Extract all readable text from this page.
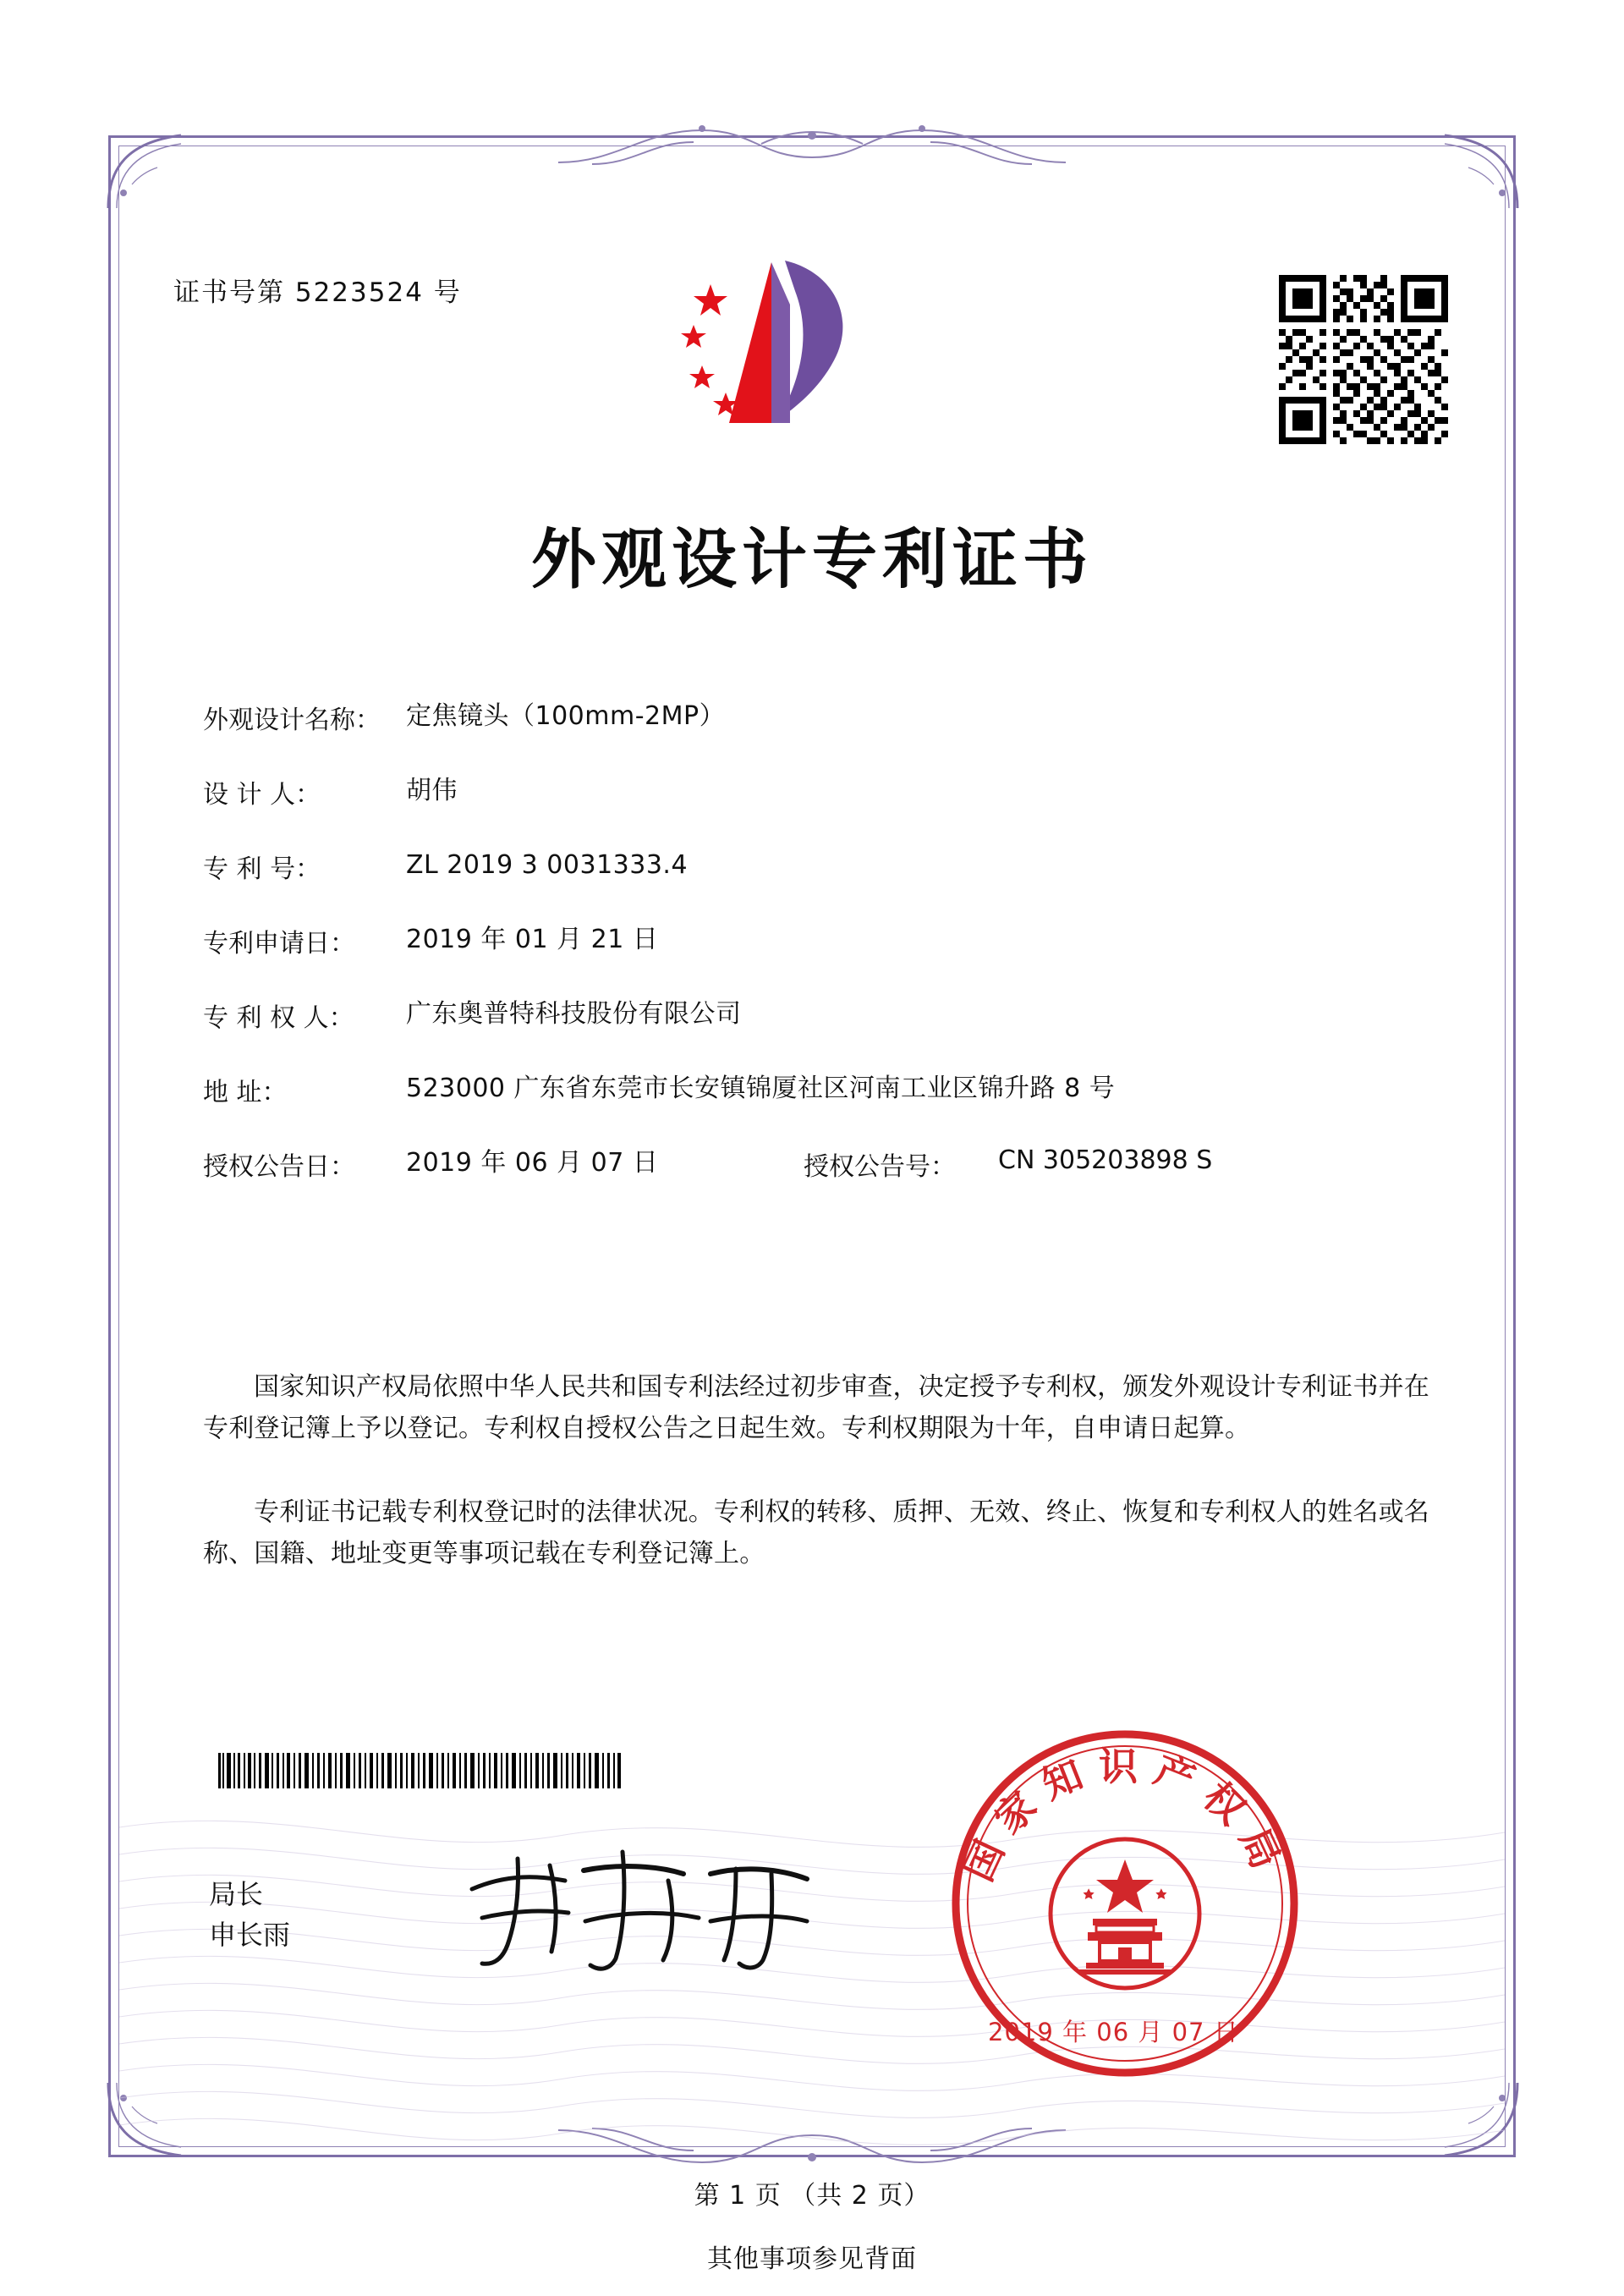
证书号第 5223524 号
外观设计专利证书
外观设计名称：	定焦镜头（100mm-2MP）
设 计 人：	胡伟
专 利 号：	ZL 2019 3 0031333.4
专利申请日：	2019 年 01 月 21 日
专 利 权 人：	广东奥普特科技股份有限公司
地 址：	523000 广东省东莞市长安镇锦厦社区河南工业区锦升路 8 号
授权公告日：	2019 年 06 月 07 日	授权公告号：	CN 305203898 S
国家知识产权局依照中华人民共和国专利法经过初步审查，决定授予专利权，颁发外观设计专利证书并在专利登记簿上予以登记。专利权自授权公告之日起生效。专利权期限为十年，自申请日起算。
专利证书记载专利权登记时的法律状况。专利权的转移、质押、无效、终止、恢复和专利权人的姓名或名称、国籍、地址变更等事项记载在专利登记簿上。
局长
申长雨
国家知识产权局
2019 年 06 月 07 日
第 1 页 （共 2 页）
其他事项参见背面
